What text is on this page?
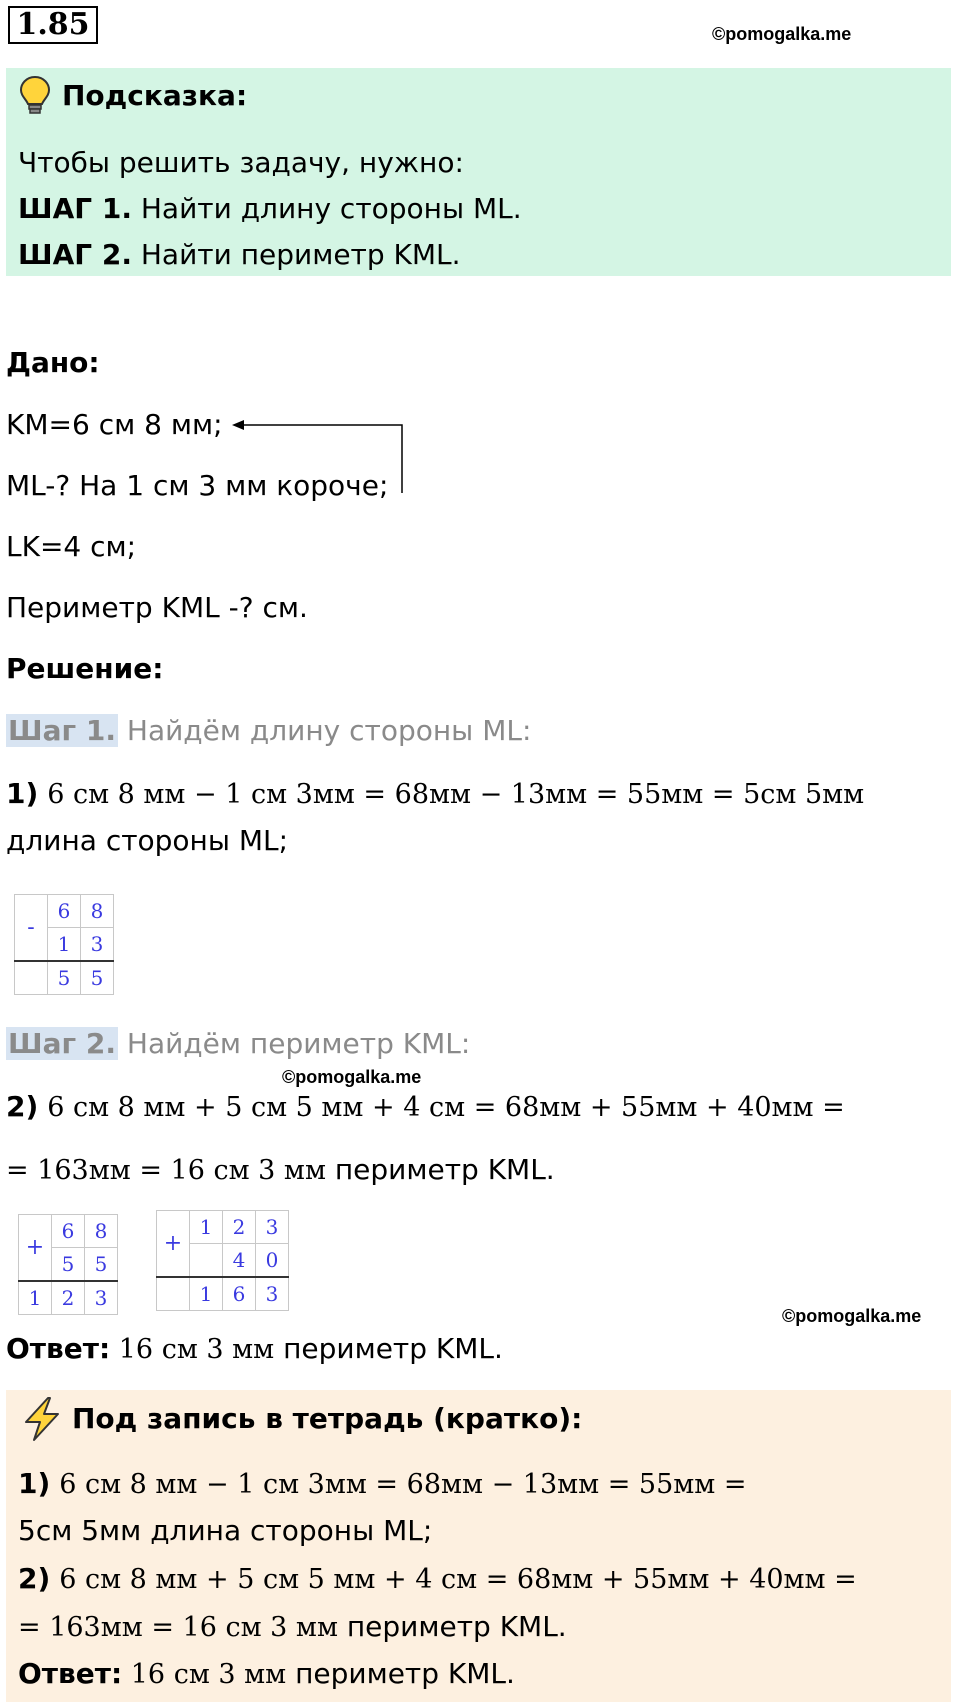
1.85	©pomogalka.me
Подсказка:
Чтобы решить задачу, нужно:
ШАГ 1. Найти длину стороны ML.
ШАГ 2. Найти периметр KML.
Дано:
KM=6 см 8 мм;
ML-? На 1 см 3 мм короче;
LK=4 см;
Периметр KML -? см.
Решение:
Шаг 1. Найдём длину стороны ML:
1) 6 см 8 мм − 1 см 3мм = 68мм − 13мм = 55мм = 5см 5мм
длина стороны ML;
-	6	8
	1	3
	5	5
Шаг 2. Найдём периметр KML:
©pomogalka.me
2) 6 см 8 мм + 5 см 5 мм + 4 см = 68мм + 55мм + 40мм =
= 163мм = 16 см 3 мм периметр KML.
+	6	8
	5	5
1	2	3
+	1	2	3
		4	0
	1	6	3
©pomogalka.me
Ответ: 16 см 3 мм периметр KML.
Под запись в тетрадь (кратко):
1) 6 см 8 мм − 1 см 3мм = 68мм − 13мм = 55мм =
5см 5мм длина стороны ML;
2) 6 см 8 мм + 5 см 5 мм + 4 см = 68мм + 55мм + 40мм =
= 163мм = 16 см 3 мм периметр KML.
Ответ: 16 см 3 мм периметр KML.
